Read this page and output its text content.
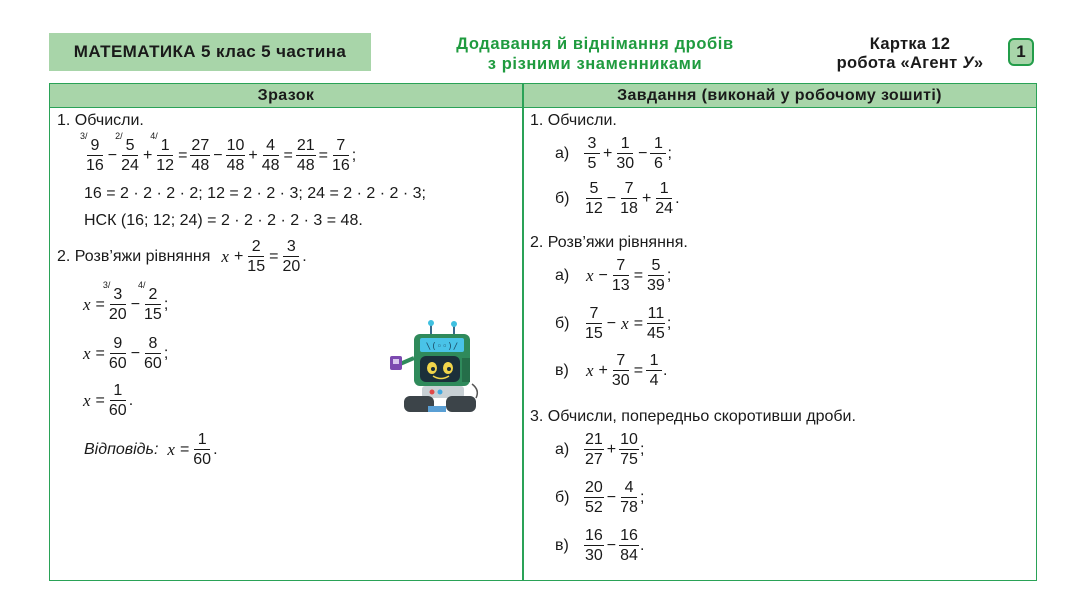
МАТЕМАТИКА 5 клас 5 частина	Додавання й віднімання дробів
з різними знаменниками
Картка 12
робота «Агент У»
1
Зразок	Завдання (виконай у робочому зошиті)
1. Обчисли.
3/
9
16
−
2/
5
24
+
4/
1
12
= $\frac{27}{48} - \frac{10}{48} + \frac{4}{48} = \frac{21}{48} = \frac{7}{16}$ ;
16 = 2 · 2 · 2 · 2; 12 = 2 · 2 · 3; 24 = 2 · 2 · 2 · 3;
НСК (16; 12; 24) = 2 · 2 · 2 · 2 · 3 = 48.
2. Розв’яжи рівняння $x + \frac{2}{15} = \frac{3}{20}$ .
x =
3/
3
20
−
4/
2
15
;
$x = \frac{9}{60} - \frac{8}{60}$ ;
$x = \frac{1}{60}$ .
Відповідь: $x = \frac{1}{60}$ .
\(◦◦)/
1. Обчисли.
$а) \frac{3}{5} + \frac{1}{30} - \frac{1}{6}$ ;
$б) \frac{5}{12} - \frac{7}{18} + \frac{1}{24}$ .
2. Розв’яжи рівняння.
а) $x - \frac{7}{13} = \frac{5}{39}$ ;
$б) \frac{7}{15} - x = \frac{11}{45}$ ;
в)	$x + \frac{7}{30} = \frac{1}{4}$ .
3. Обчисли, попередньо скоротивши дроби.
$а) \frac{21}{27} + \frac{10}{75}$ ;
$б) \frac{20}{52} - \frac{4}{78}$ ;
$в) \frac{16}{30} - \frac{16}{84}$ .
